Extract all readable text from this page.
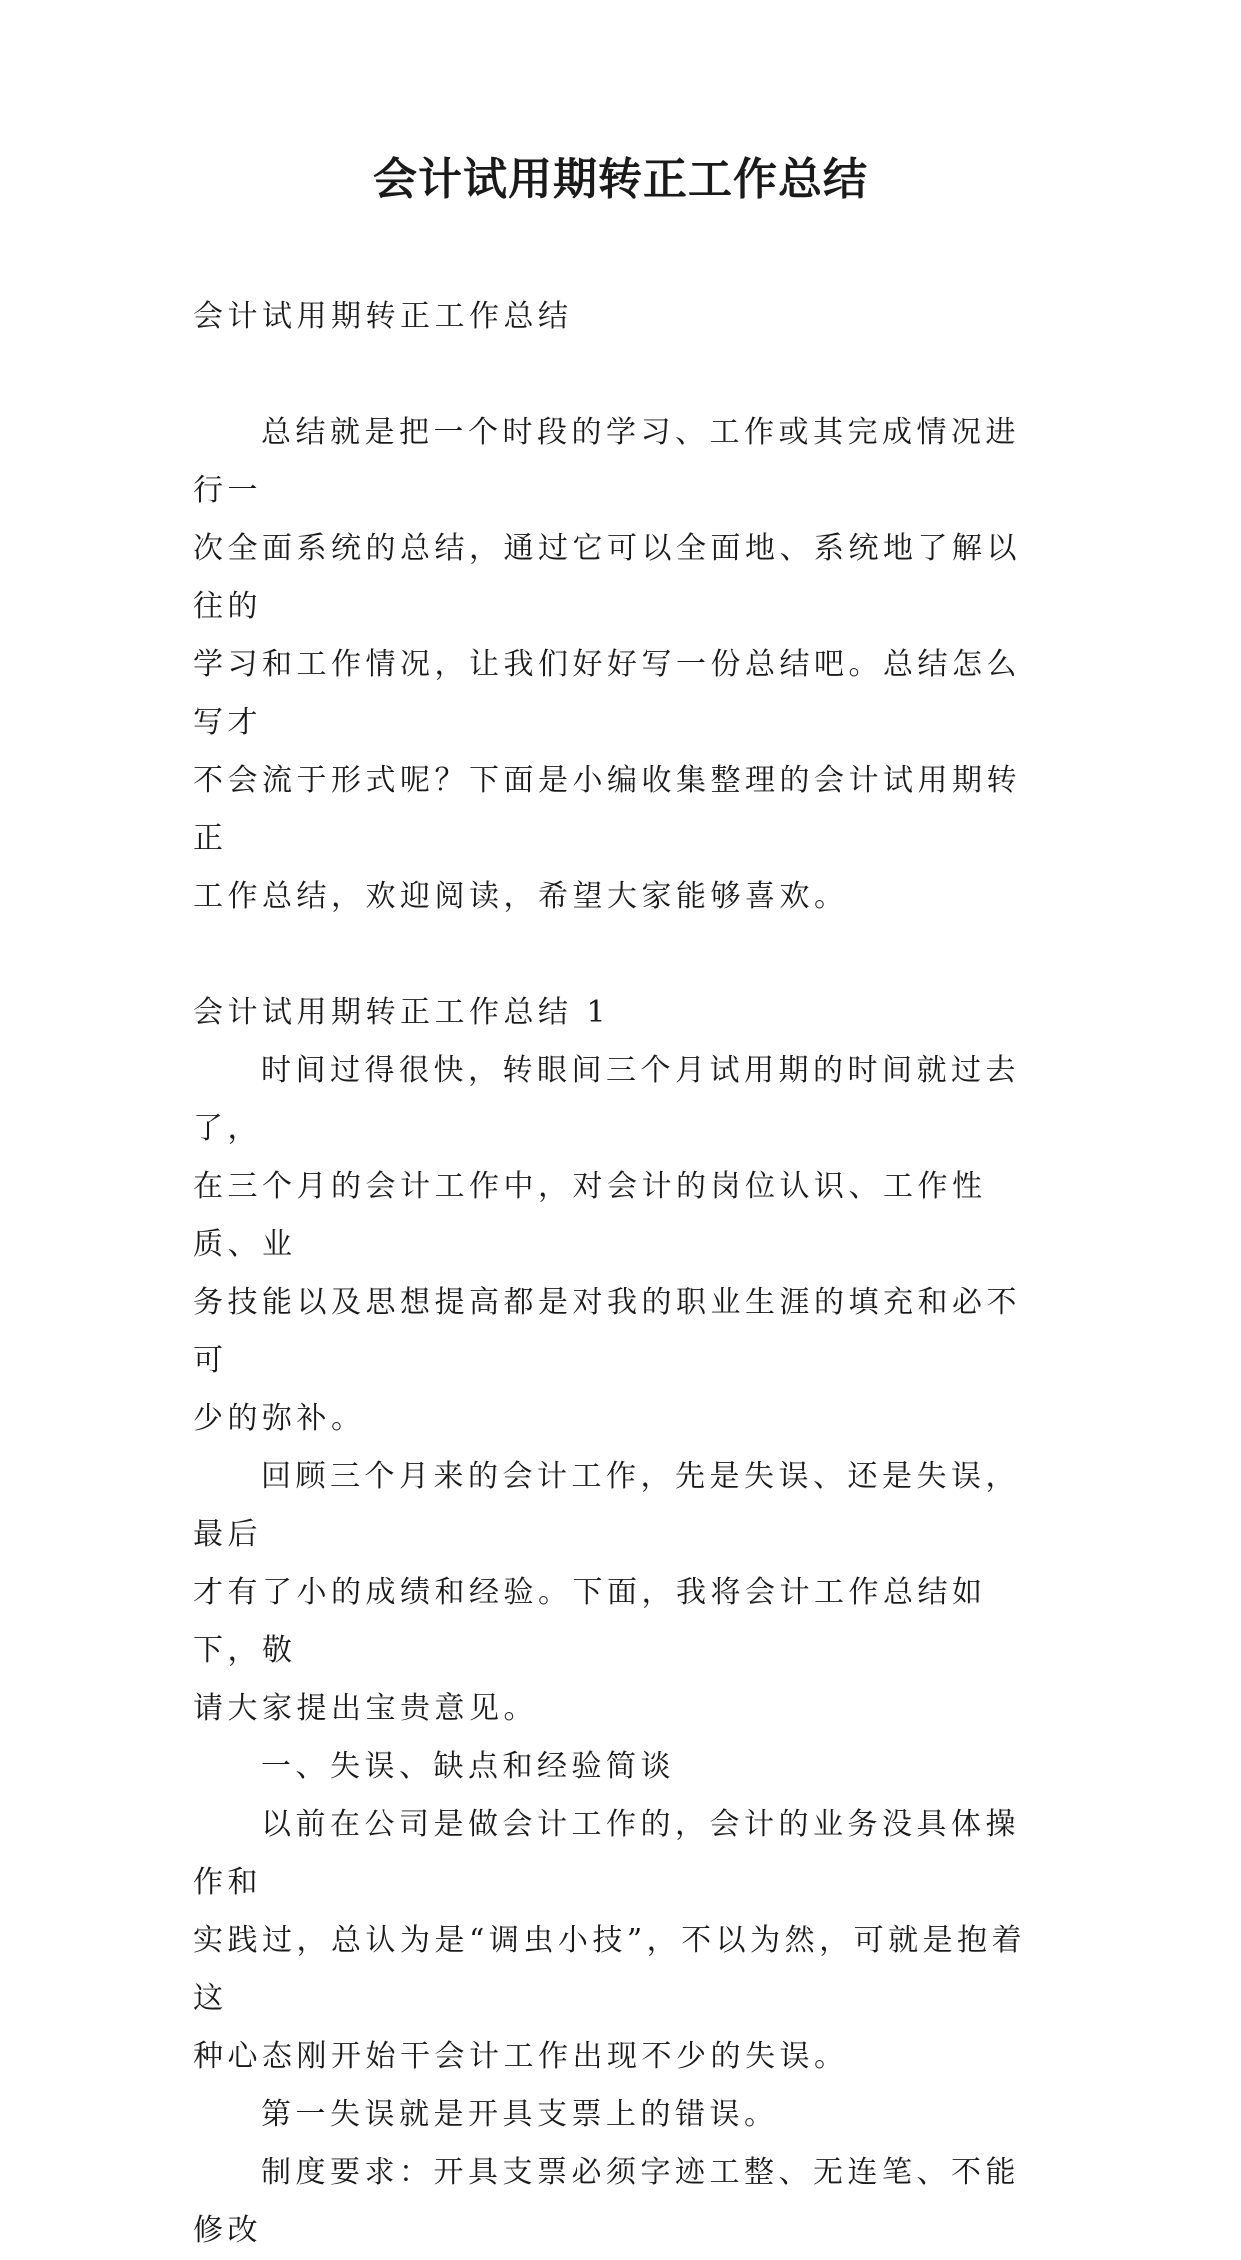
会计试用期转正工作总结

会计试用期转正工作总结

总结就是把一个时段的学习、工作或其完成情况进行一

次全面系统的总结，通过它可以全面地、系统地了解以往的

学习和工作情况，让我们好好写一份总结吧。总结怎么写才

不会流于形式呢？下面是小编收集整理的会计试用期转正

工作总结，欢迎阅读，希望大家能够喜欢。

会计试用期转正工作总结 1

时间过得很快，转眼间三个月试用期的时间就过去了，

在三个月的会计工作中，对会计的岗位认识、工作性质、业

务技能以及思想提高都是对我的职业生涯的填充和必不可

少的弥补。

回顾三个月来的会计工作，先是失误、还是失误，最后

才有了小的成绩和经验。下面，我将会计工作总结如下，敬

请大家提出宝贵意见。

一、失误、缺点和经验简谈

以前在公司是做会计工作的，会计的业务没具体操作和

实践过，总认为是“调虫小技”，不以为然，可就是抱着这

种心态刚开始干会计工作出现不少的失误。

第一失误就是开具支票上的错误。

制度要求：开具支票必须字迹工整、无连笔、不能修改
